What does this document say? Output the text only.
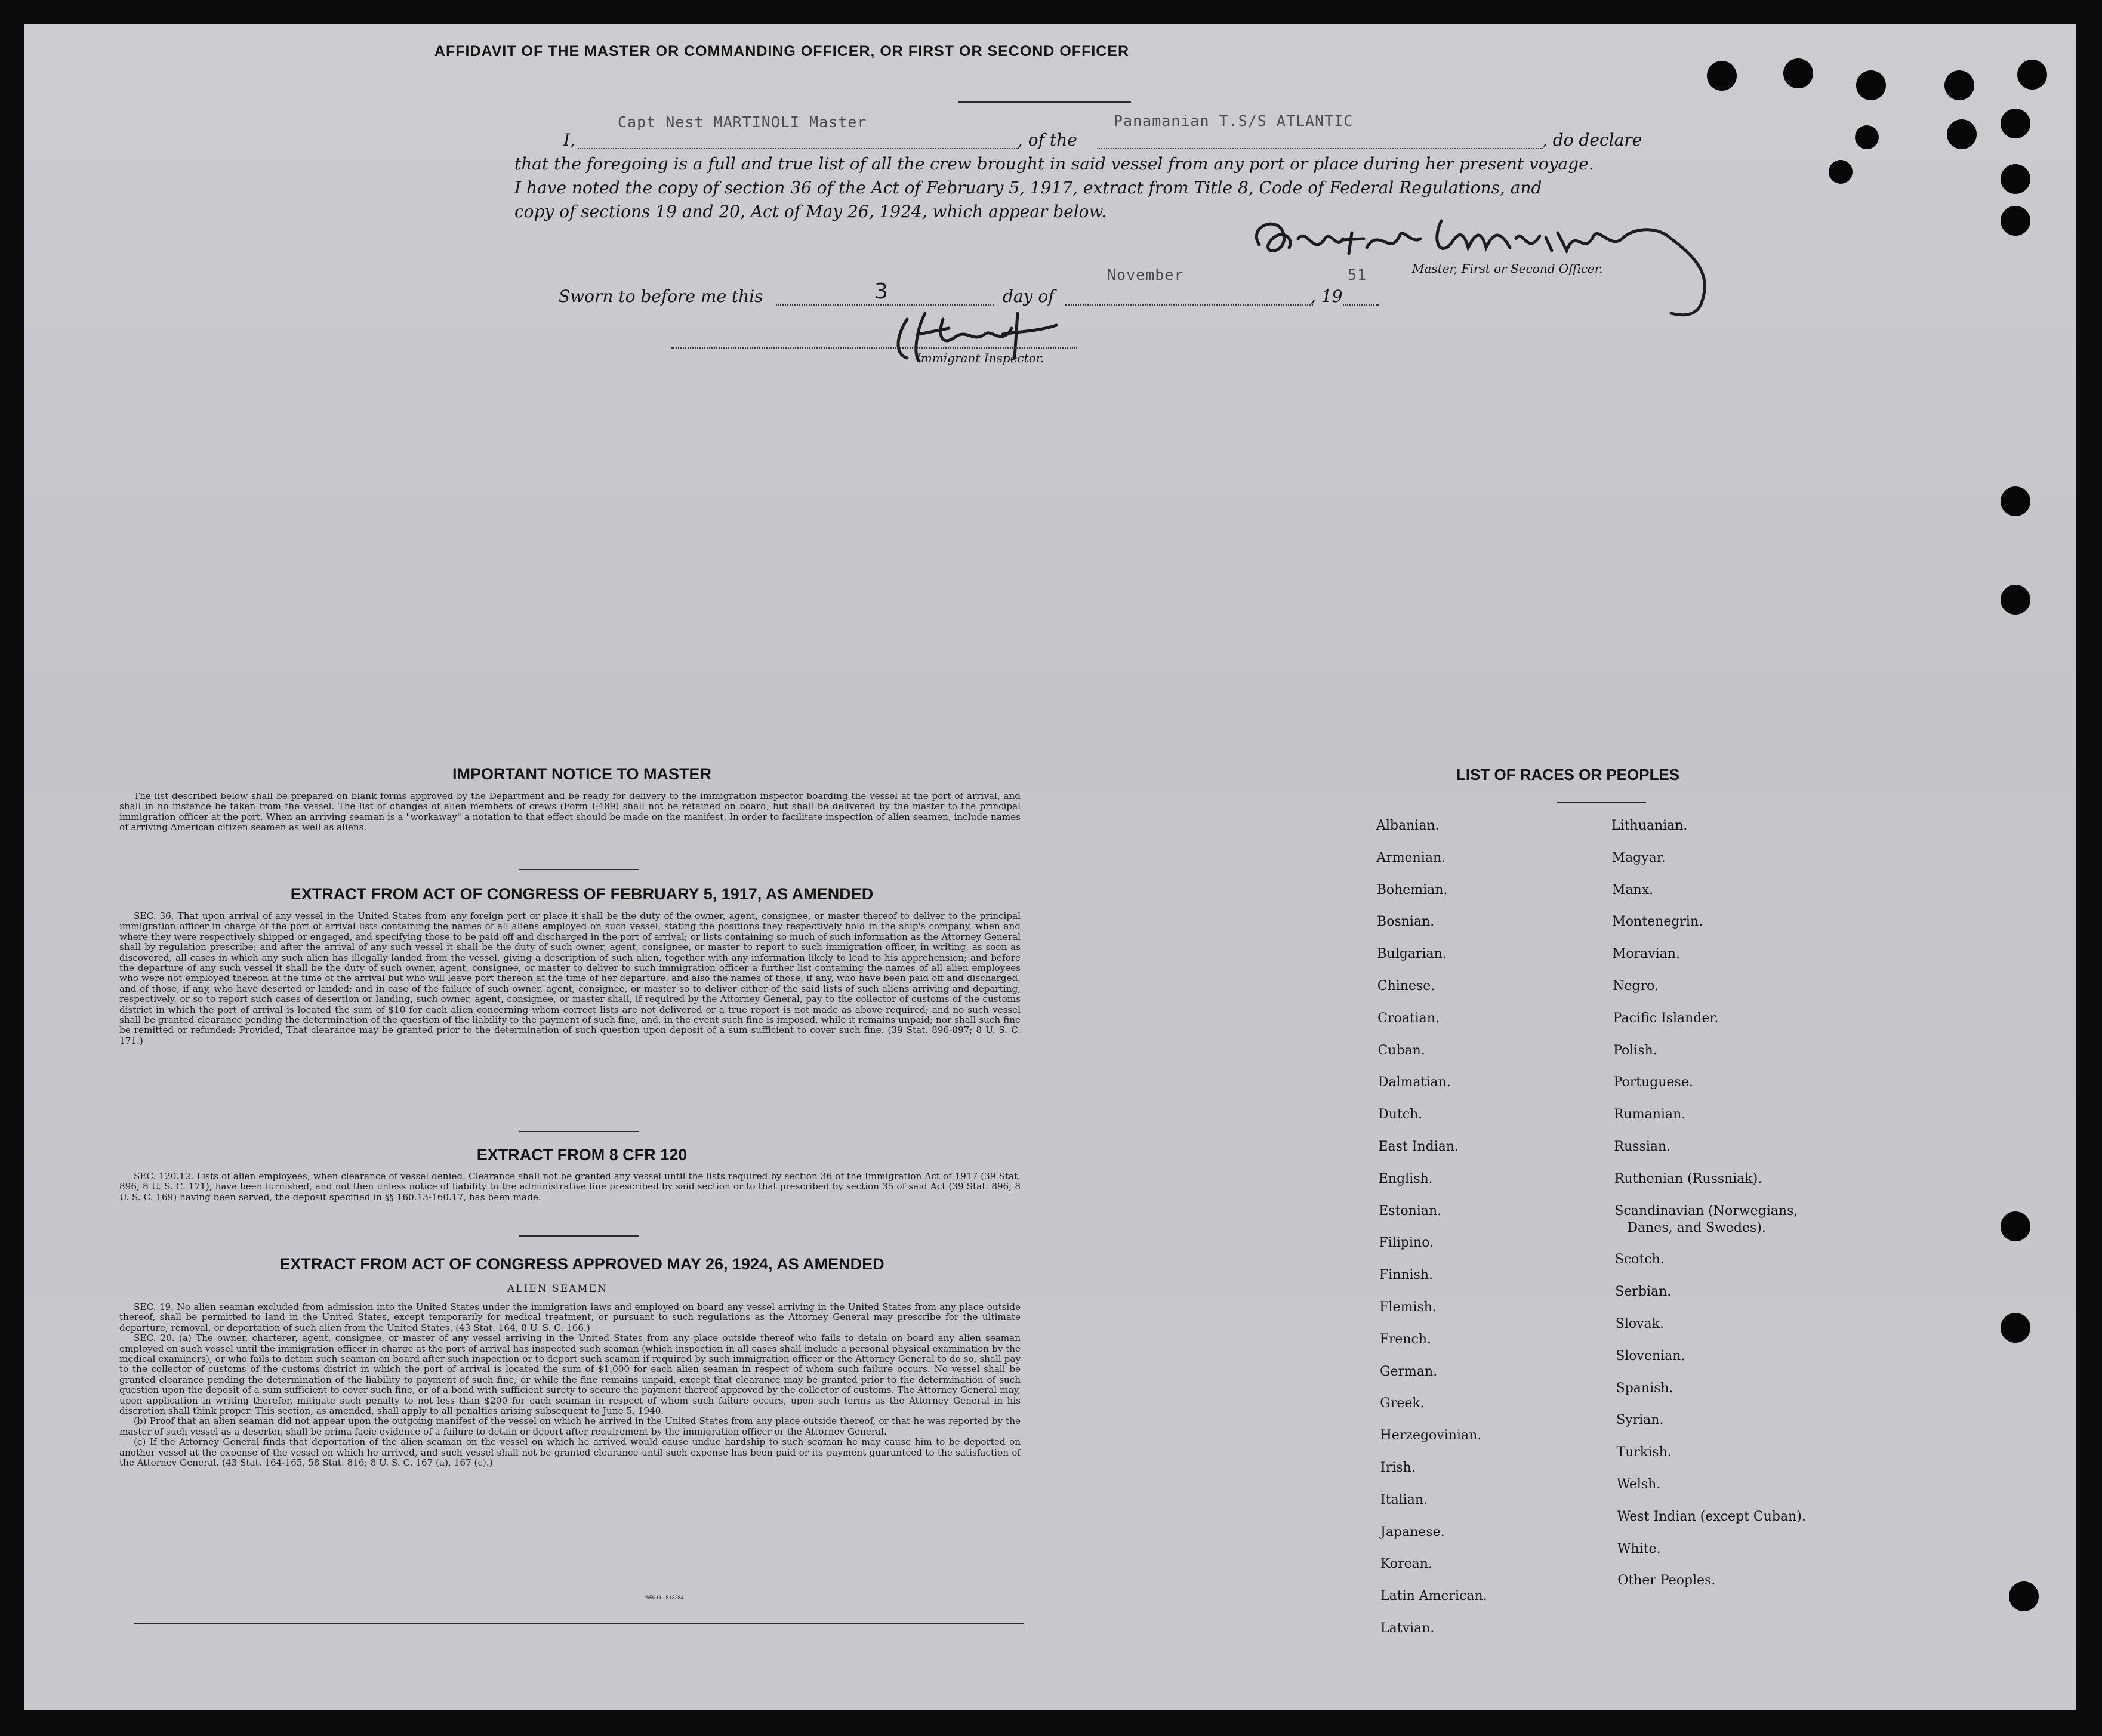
AFFIDAVIT OF THE MASTER OR COMMANDING OFFICER, OR FIRST OR SECOND OFFICER
I,
Capt Nest MARTINOLI Master
, of the
Panamanian T.S/S ATLANTIC
, do declare
that the foregoing is a full and true list of all the crew brought in said vessel from any port or place during her present voyage.
I have noted the copy of section 36 of the Act of February 5, 1917, extract from Title 8, Code of Federal Regulations, and
copy of sections 19 and 20, Act of May 26, 1924, which appear below.
Master, First or Second Officer.
Sworn to before me this	3	day of
November
, 19
51
Immigrant Inspector.
IMPORTANT NOTICE TO MASTER

The list described below shall be prepared on blank forms approved by the Department and be ready for delivery to the immigration inspector boarding the vessel at the port of arrival, and shall in no instance be taken from the vessel. The list of changes of alien members of crews (Form I-489) shall not be retained on board, but shall be delivered by the master to the principal immigration officer at the port. When an arriving seaman is a "workaway" a notation to that effect should be made on the manifest. In order to facilitate inspection of alien seamen, include names of arriving American citizen seamen as well as aliens.

EXTRACT FROM ACT OF CONGRESS OF FEBRUARY 5, 1917, AS AMENDED

SEC. 36. That upon arrival of any vessel in the United States from any foreign port or place it shall be the duty of the owner, agent, consignee, or master thereof to deliver to the principal immigration officer in charge of the port of arrival lists containing the names of all aliens employed on such vessel, stating the positions they respectively hold in the ship's company, when and where they were respectively shipped or engaged, and specifying those to be paid off and discharged in the port of arrival; or lists containing so much of such information as the Attorney General shall by regulation prescribe; and after the arrival of any such vessel it shall be the duty of such owner, agent, consignee, or master to report to such immigration officer, in writing, as soon as discovered, all cases in which any such alien has illegally landed from the vessel, giving a description of such alien, together with any information likely to lead to his apprehension; and before the departure of any such vessel it shall be the duty of such owner, agent, consignee, or master to deliver to such immigration officer a further list containing the names of all alien employees who were not employed thereon at the time of the arrival but who will leave port thereon at the time of her departure, and also the names of those, if any, who have been paid off and discharged, and of those, if any, who have deserted or landed; and in case of the failure of such owner, agent, consignee, or master so to deliver either of the said lists of such aliens arriving and departing, respectively, or so to report such cases of desertion or landing, such owner, agent, consignee, or master shall, if required by the Attorney General, pay to the collector of customs of the customs district in which the port of arrival is located the sum of $10 for each alien concerning whom correct lists are not delivered or a true report is not made as above required; and no such vessel shall be granted clearance pending the determination of the question of the liability to the payment of such fine, and, in the event such fine is imposed, while it remains unpaid; nor shall such fine be remitted or refunded: Provided, That clearance may be granted prior to the determination of such question upon deposit of a sum sufficient to cover such fine. (39 Stat. 896-897; 8 U. S. C. 171.)

EXTRACT FROM 8 CFR 120

SEC. 120.12. Lists of alien employees; when clearance of vessel denied. Clearance shall not be granted any vessel until the lists required by section 36 of the Immigration Act of 1917 (39 Stat. 896; 8 U. S. C. 171), have been furnished, and not then unless notice of liability to the administrative fine prescribed by said section or to that prescribed by section 35 of said Act (39 Stat. 896; 8 U. S. C. 169) having been served, the deposit specified in §§ 160.13-160.17, has been made.

EXTRACT FROM ACT OF CONGRESS APPROVED MAY 26, 1924, AS AMENDED
ALIEN SEAMEN

SEC. 19. No alien seaman excluded from admission into the United States under the immigration laws and employed on board any vessel arriving in the United States from any place outside thereof, shall be permitted to land in the United States, except temporarily for medical treatment, or pursuant to such regulations as the Attorney General may prescribe for the ultimate departure, removal, or deportation of such alien from the United States. (43 Stat. 164, 8 U. S. C. 166.)

SEC. 20. (a) The owner, charterer, agent, consignee, or master of any vessel arriving in the United States from any place outside thereof who fails to detain on board any alien seaman employed on such vessel until the immigration officer in charge at the port of arrival has inspected such seaman (which inspection in all cases shall include a personal physical examination by the medical examiners), or who fails to detain such seaman on board after such inspection or to deport such seaman if required by such immigration officer or the Attorney General to do so, shall pay to the collector of customs of the customs district in which the port of arrival is located the sum of $1,000 for each alien seaman in respect of whom such failure occurs. No vessel shall be granted clearance pending the determination of the liability to payment of such fine, or while the fine remains unpaid, except that clearance may be granted prior to the determination of such question upon the deposit of a sum sufficient to cover such fine, or of a bond with sufficient surety to secure the payment thereof approved by the collector of customs. The Attorney General may, upon application in writing therefor, mitigate such penalty to not less than $200 for each seaman in respect of whom such failure occurs, upon such terms as the Attorney General in his discretion shall think proper. This section, as amended, shall apply to all penalties arising subsequent to June 5, 1940.

(b) Proof that an alien seaman did not appear upon the outgoing manifest of the vessel on which he arrived in the United States from any place outside thereof, or that he was reported by the master of such vessel as a deserter, shall be prima facie evidence of a failure to detain or deport after requirement by the immigration officer or the Attorney General.

(c) If the Attorney General finds that deportation of the alien seaman on the vessel on which he arrived would cause undue hardship to such seaman he may cause him to be deported on another vessel at the expense of the vessel on which he arrived, and such vessel shall not be granted clearance until such expense has been paid or its payment guaranteed to the satisfaction of the Attorney General. (43 Stat. 164-165, 58 Stat. 816; 8 U. S. C. 167 (a), 167 (c).)

1950 O - 813284
LIST OF RACES OR PEOPLES
Albanian.
Armenian.
Bohemian.
Bosnian.
Bulgarian.
Chinese.
Croatian.
Cuban.
Dalmatian.
Dutch.
East Indian.
English.
Estonian.
Filipino.
Finnish.
Flemish.
French.
German.
Greek.
Herzegovinian.
Irish.
Italian.
Japanese.
Korean.
Latin American.
Latvian.
Lithuanian.
Magyar.
Manx.
Montenegrin.
Moravian.
Negro.
Pacific Islander.
Polish.
Portuguese.
Rumanian.
Russian.
Ruthenian (Russniak).
Scandinavian (Norwegians,
Danes, and Swedes).
Scotch.
Serbian.
Slovak.
Slovenian.
Spanish.
Syrian.
Turkish.
Welsh.
West Indian (except Cuban).
White.
Other Peoples.
